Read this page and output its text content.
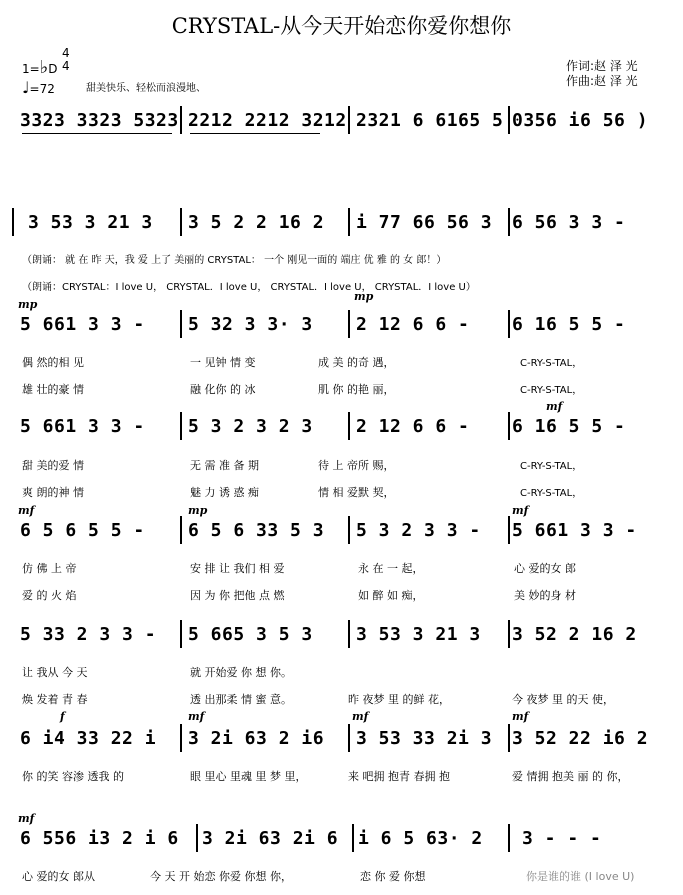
CRYSTAL-从今天开始恋你爱你想你
1=♭D
4
4
♩=72	甜美快乐、轻松而浪漫地、
作词:赵 泽 光
作曲:赵 泽 光
3323 3323 5323 2212 2212 3212 2321 6 6165 5 0356 i6 56 )
3 53 3 21 3 3 5 2 2 16 2 i 77 66 56 3 6 56 3 3 -
（朗诵： 就 在 昨 天，我 爱 上了 美丽的 CRYSTAL： 一个 刚见一面的 端庄 优 雅 的 女 郎！）
（朗诵：CRYSTAL：I love U， CRYSTAL．I love U， CRYSTAL．I love U， CRYSTAL．I love U）
mp
mp
5 661 3 3 - 5 32 3 3· 3 2 12 6 6 - 6 16 5 5 -
偶 然的相 见	一 见钟 情 变	成 美 的奇 遇，	C-RY-S-TAL，
雄 壮的豪 情	融 化你 的 冰	肌 你 的艳 丽，	C-RY-S-TAL，
mf
5 661 3 3 - 5 3 2 3 2 3 2 12 6 6 - 6 16 5 5 -
甜 美的爱 情	无 需 准 备 期	待 上 帝所 赐，	C-RY-S-TAL，
爽 朗的神 情	魅 力 诱 惑 痴	情 相 爱默 契，	C-RY-S-TAL，
mf	mp	mf
6 5 6 5 5 - 6 5 6 33 5 3 5 3 2 3 3 - 5 661 3 3 -
仿 佛 上 帝	安 排 让 我们 相 爱	永 在 一 起，	心 爱的女 郎
爱 的 火 焰	因 为 你 把他 点 燃	如 醉 如 痴，	美 妙的身 材
5 33 2 3 3 - 5 665 3 5 3 3 53 3 21 3 3 52 2 16 2
让 我从 今 天	就 开始爱 你 想 你。
焕 发着 青 春	透 出那柔 情 蜜 意。	昨 夜梦 里 的鲜 花，	今 夜梦 里 的天 使，
f	mf	mf	mf
6 i4 33 22 i 3 2i 63 2 i6 3 53 33 2i 3 3 52 22 i6 2
你 的笑 容渗 透我 的	眼 里心 里魂 里 梦 里，	来 吧拥 抱青 春拥 抱	爱 情拥 抱美 丽 的 你，
mf
6 556 i3 2 i 6 3 2i 63 2i 6 i 6 5 63· 2 3 - - -
心 爱的女 郎从	今 天 开 始恋 你爱 你想 你，	恋 你 爱 你想	你是谁的谁 (I love U)
